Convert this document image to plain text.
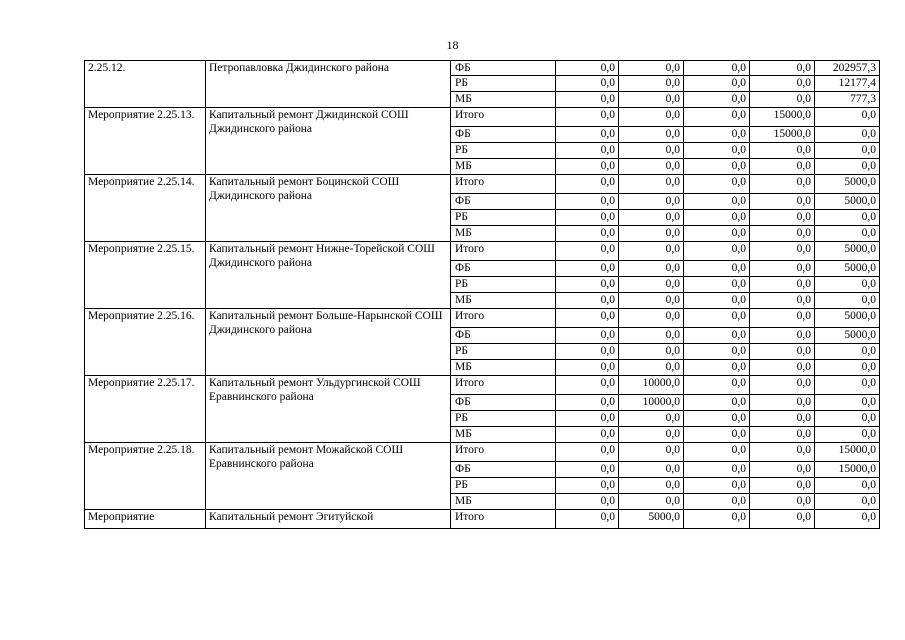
18
2.25.12.	Петропавловка Джидинского района	ФБ	0,0	0,0	0,0	0,0	202957,3
		РБ	0,0	0,0	0,0	0,0	12177,4
		МБ	0,0	0,0	0,0	0,0	777,3
Мероприятие 2.25.13.	Капитальный ремонт Джидинской СОШ Джидинского района	Итого	0,0	0,0	0,0	15000,0	0,0
		ФБ	0,0	0,0	0,0	15000,0	0,0
		РБ	0,0	0,0	0,0	0,0	0,0
		МБ	0,0	0,0	0,0	0,0	0,0
Мероприятие 2.25.14.	Капитальный ремонт Боцинской СОШ Джидинского района	Итого	0,0	0,0	0,0	0,0	5000,0
		ФБ	0,0	0,0	0,0	0,0	5000,0
		РБ	0,0	0,0	0,0	0,0	0,0
		МБ	0,0	0,0	0,0	0,0	0,0
Мероприятие 2.25.15.	Капитальный ремонт Нижне-Торейской СОШ Джидинского района	Итого	0,0	0,0	0,0	0,0	5000,0
		ФБ	0,0	0,0	0,0	0,0	5000,0
		РБ	0,0	0,0	0,0	0,0	0,0
		МБ	0,0	0,0	0,0	0,0	0,0
Мероприятие 2.25.16.	Капитальный ремонт Больше-Нарынской СОШ Джидинского района	Итого	0,0	0,0	0,0	0,0	5000,0
		ФБ	0,0	0,0	0,0	0,0	5000,0
		РБ	0,0	0,0	0,0	0,0	0,0
		МБ	0,0	0,0	0,0	0,0	0,0
Мероприятие 2.25.17.	Капитальный ремонт Ульдургинской СОШ Еравнинского района	Итого	0,0	10000,0	0,0	0,0	0,0
		ФБ	0,0	10000,0	0,0	0,0	0,0
		РБ	0,0	0,0	0,0	0,0	0,0
		МБ	0,0	0,0	0,0	0,0	0,0
Мероприятие 2.25.18.	Капитальный ремонт Можайской СОШ Еравнинского района	Итого	0,0	0,0	0,0	0,0	15000,0
		ФБ	0,0	0,0	0,0	0,0	15000,0
		РБ	0,0	0,0	0,0	0,0	0,0
		МБ	0,0	0,0	0,0	0,0	0,0
Мероприятие	Капитальный ремонт Эгитуйской	Итого	0,0	5000,0	0,0	0,0	0,0
